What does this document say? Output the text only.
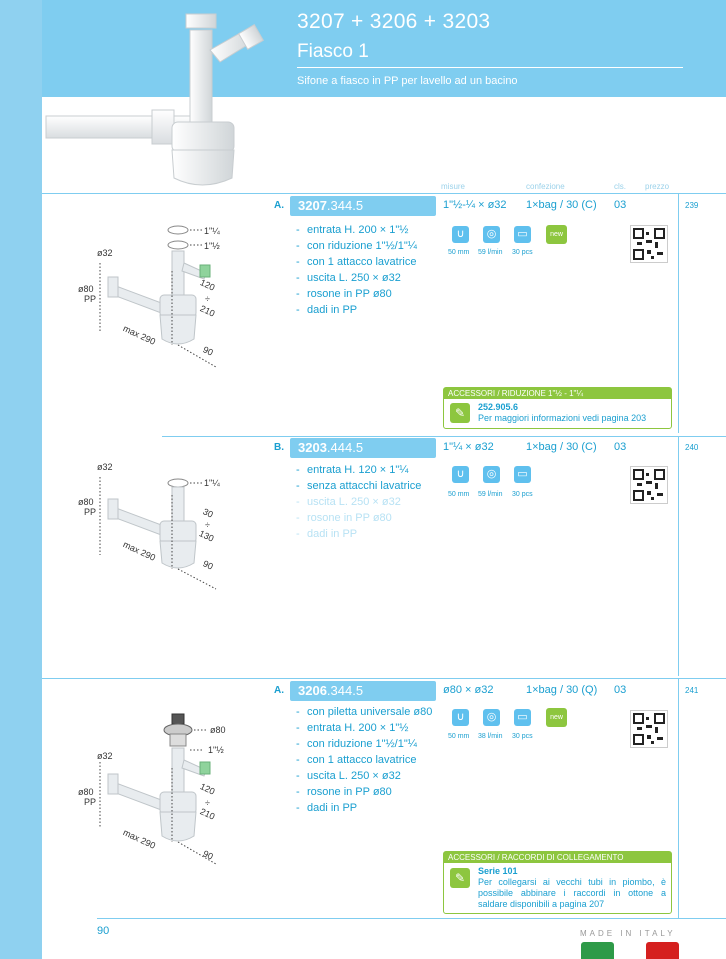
3207 + 3206 + 3203
Fiasco 1
Sifone a fiasco in PP per lavello ad un bacino
misure	confezione	cls. prezzo
A.	3207.344.5	1"½-¼ × ø32 1×bag / 30 (C) 03	239
- entrata H. 200 × 1"½
- con riduzione 1"½/1"¼
- con 1 attacco lavatrice
- uscita L. 250 × ø32
- rosone in PP ø80
- dadi in PP
∪	◎	▭	new
50 mm 59 l/min 30 pcs
1"¼
1"½
ø32
ø80
PP
120
÷
210
max 290
90
ACCESSORI / RIDUZIONE 1"½ - 1"¼
✎	252.905.6
Per maggiori informazioni vedi pagina 203
B.	3203.444.5	1"¼ × ø32	1×bag / 30 (C) 03	240
- entrata H. 120 × 1"¼
- senza attacchi lavatrice
- uscita L. 250 × ø32
- rosone in PP ø80
- dadi in PP
∪	◎	▭
50 mm 59 l/min 30 pcs
ø32
1"¼
ø80
PP	30
÷
130
max 290
90
A.	3206.344.5	ø80 × ø32	1×bag / 30 (Q) 03	241
- con piletta universale ø80
- entrata H. 200 × 1"½
- con riduzione 1"½/1"¼
- con 1 attacco lavatrice
- uscita L. 250 × ø32
- rosone in PP ø80
- dadi in PP
∪	◎	▭	new
50 mm 38 l/min 30 pcs
ø80
1"½
ø32
ø80
PP
120
÷
210
max 290
90	ACCESSORI / RACCORDI DI COLLEGAMENTO
✎	Serie 101
Per collegarsi ai vecchi tubi in piombo, è possibile abbinare i raccordi in ottone a saldare disponibili a pagina 207
90	MADE IN ITALY
